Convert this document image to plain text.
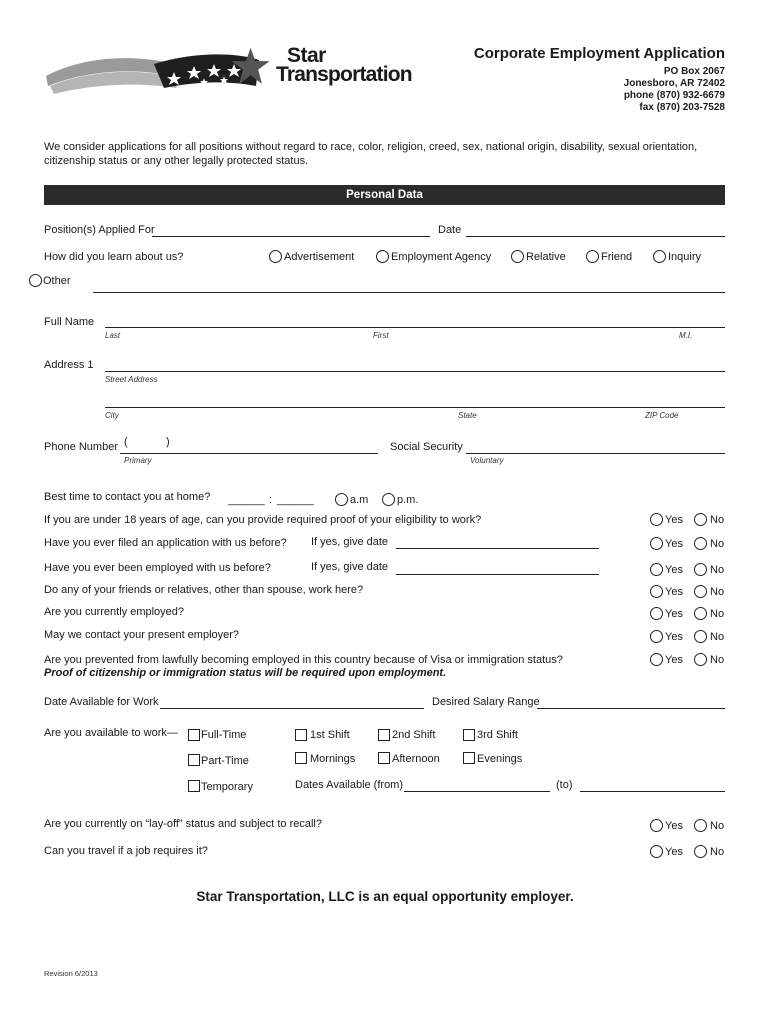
Star
Transportation
Corporate Employment Application
PO Box 2067
Jonesboro, AR 72402
phone (870) 932-6679
fax (870) 203-7528
We consider applications for all positions without regard to race, color, religion, creed, sex, national origin, disability, sexual orientation,
citizenship status or any other legally protected status.
Personal Data
Position(s) Applied For	Date
How did you learn about us?	Advertisement	Employment Agency	Relative	Friend	Inquiry
Other
Full Name
Last	First	M.I.
Address 1
Street Address
City	State	ZIP Code
Phone Number (	)
Primary
Social Security
Voluntary
Best time to contact you at home? ______ : ______	a.m	p.m.
If you are under 18 years of age, can you provide required proof of your eligibility to work?	Yes No
Have you ever filed an application with us before? If yes, give date	Yes No
Have you ever been employed with us before?	If yes, give date	Yes No
Do any of your friends or relatives, other than spouse, work here?	Yes No
Are you currently employed?	Yes No
May we contact your present employer?	Yes No
Are you prevented from lawfully becoming employed in this country because of Visa or immigration status?	Yes No
Proof of citizenship or immigration status will be required upon employment.
Date Available for Work	Desired Salary Range
Are you available to work— Full-Time	1st Shift	2nd Shift	3rd Shift
Part-Time	Mornings	Afternoon	Evenings
Temporary	Dates Available (from)	(to)
Are you currently on “lay-off” status and subject to recall?	Yes No
Can you travel if a job requires it?	Yes No
Star Transportation, LLC is an equal opportunity employer.
Revision 6/2013
